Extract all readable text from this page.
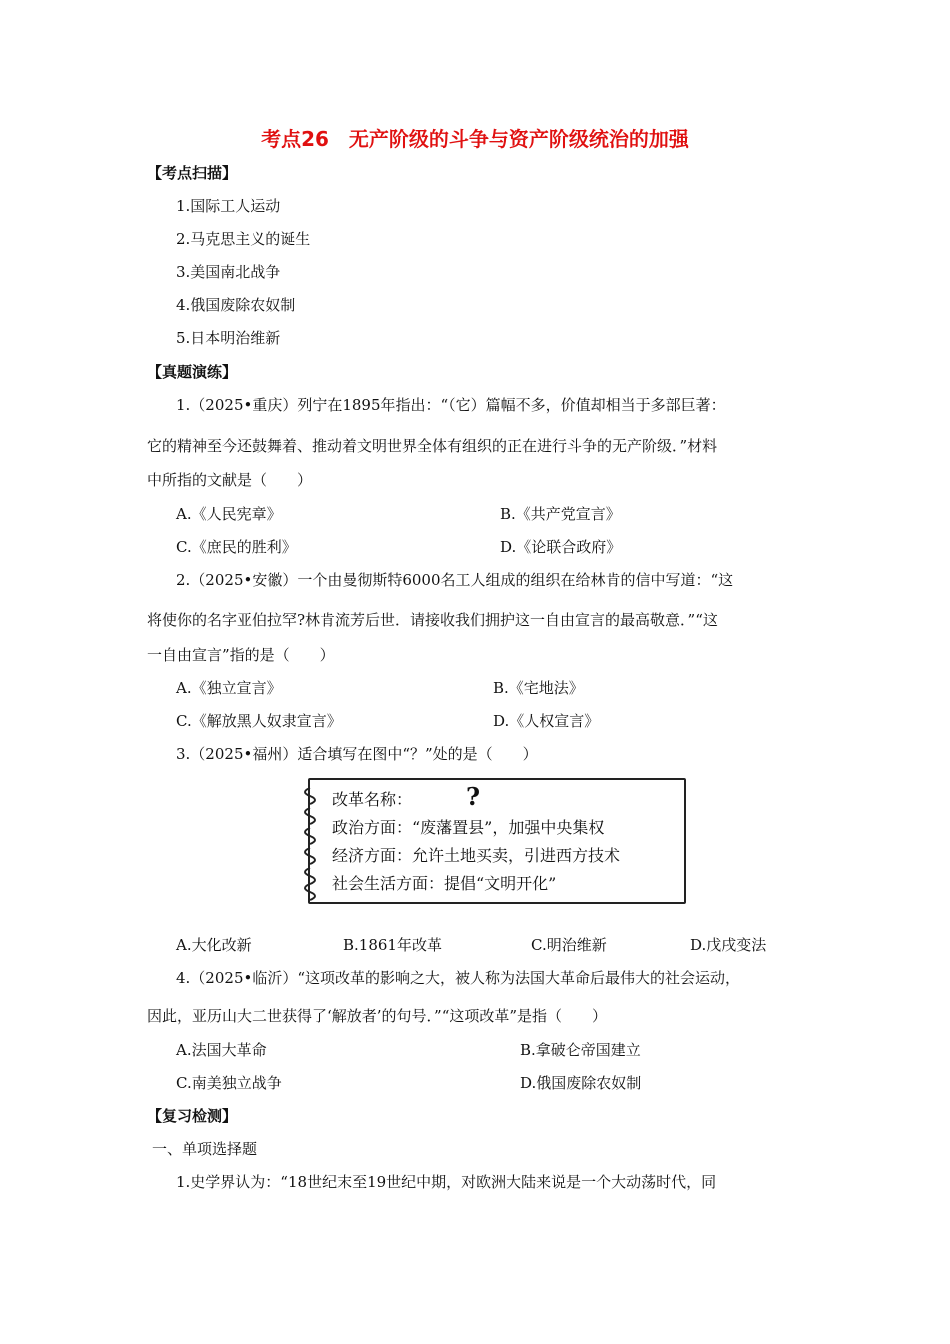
考点26 无产阶级的斗争与资产阶级统治的加强
【考点扫描】
1.国际工人运动
2.马克思主义的诞生
3.美国南北战争
4.俄国废除农奴制
5.日本明治维新
【真题演练】
1.（2025•重庆）列宁在1895年指出：“（它）篇幅不多，价值却相当于多部巨著：
它的精神至今还鼓舞着、推动着文明世界全体有组织的正在进行斗争的无产阶级．”材料
中所指的文献是（　　）
A.《人民宪章》	B.《共产党宣言》
C.《庶民的胜利》	D.《论联合政府》
2.（2025•安徽）一个由曼彻斯特6000名工人组成的组织在给林肯的信中写道：“这
将使你的名字亚伯拉罕?林肯流芳后世．请接收我们拥护这一自由宣言的最高敬意．”“这
一自由宣言”指的是（　　）
A.《独立宣言》	B.《宅地法》
C.《解放黑人奴隶宣言》	D.《人权宣言》
3.（2025•福州）适合填写在图中“？”处的是（　　）
改革名称： ?
政治方面：“废藩置县”，加强中央集权
经济方面：允许土地买卖，引进西方技术
社会生活方面：提倡“文明开化”
A.大化改新	B.1861年改革	C.明治维新	D.戊戌变法
4.（2025•临沂）“这项改革的影响之大，被人称为法国大革命后最伟大的社会运动，
因此，亚历山大二世获得了‘解放者’的句号．”“这项改革”是指（　　）
A.法国大革命	B.拿破仑帝国建立
C.南美独立战争	D.俄国废除农奴制
【复习检测】
一、单项选择题
1.史学界认为：“18世纪末至19世纪中期，对欧洲大陆来说是一个大动荡时代，同
